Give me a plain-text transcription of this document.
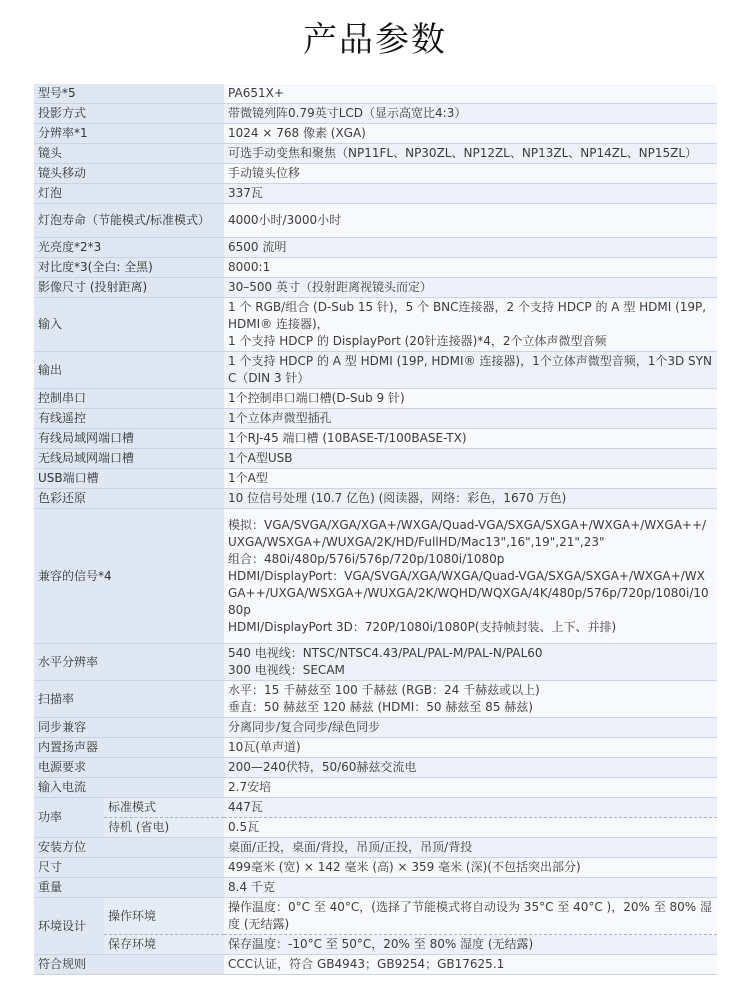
产品参数
型号*5		PA651X+

投影方式		带微镜列阵0.79英寸LCD（显示高宽比4:3）

分辨率*1		1024 × 768 像素 (XGA)

镜头		可选手动变焦和聚焦（NP11FL、NP30ZL、NP12ZL、NP13ZL、NP14ZL、NP15ZL）

镜头移动		手动镜头位移

灯泡		337瓦

灯泡寿命（节能模式/标准模式）		4000小时/3000小时

光亮度*2*3		6500 流明

对比度*3(全白: 全黑)		8000:1

影像尺寸 (投射距离)		30–500 英寸（投射距离视镜头而定）

输入		1 个 RGB/组合 (D-Sub 15 针)，5 个 BNC连接器，2 个支持 HDCP 的 A 型 HDMI (19P, HDMI® 连接器)，
1 个支持 HDCP 的 DisplayPort (20针连接器)*4，2个立体声微型音频

输出		1 个支持 HDCP 的 A 型 HDMI (19P, HDMI® 连接器)，1个立体声微型音频，1个3D SYNC（DIN 3 针）

控制串口		1个控制串口端口槽(D-Sub 9 针)

有线遥控		1个立体声微型插孔

有线局域网端口槽		1个RJ-45 端口槽 (10BASE-T/100BASE-TX)

无线局域网端口槽		1个A型USB

USB端口槽		1个A型

色彩还原		10 位信号处理 (10.7 亿色) (阅读器，网络：彩色，1670 万色)

兼容的信号*4		模拟：VGA/SVGA/XGA/XGA+/WXGA/Quad-VGA/SXGA/SXGA+/WXGA+/WXGA++/UXGA/WSXGA+/WUXGA/2K/HD/FullHD/Mac13",16",19",21",23"
组合：480i/480p/576i/576p/720p/1080i/1080p
HDMI/DisplayPort：VGA/SVGA/XGA/WXGA/Quad-VGA/SXGA/SXGA+/WXGA+/WXGA++/UXGA/WSXGA+/WUXGA/2K/WQHD/WQXGA/4K/480p/576p/720p/1080i/1080p
HDMI/DisplayPort 3D：720P/1080i/1080P(支持帧封装、上下、并排)

水平分辨率		540 电视线：NTSC/NTSC4.43/PAL/PAL-M/PAL-N/PAL60
300 电视线：SECAM

扫描率		水平：15 千赫兹至 100 千赫兹 (RGB：24 千赫兹或以上)
垂直：50 赫兹至 120 赫兹 (HDMI：50 赫兹至 85 赫兹)

同步兼容		分离同步/复合同步/绿色同步

内置扬声器		10瓦(单声道)

电源要求		200—240伏特，50/60赫兹交流电

输入电流		2.7安培

功率	标准模式	447瓦
	待机 (省电)	0.5瓦
安装方位		桌面/正投，桌面/背投，吊顶/正投，吊顶/背投
尺寸		499毫米 (宽) × 142 毫米 (高) × 359 毫米 (深)(不包括突出部分)
重量		8.4 千克
环境设计	操作环境	操作温度：0°C 至 40°C，(选择了节能模式将自动设为 35°C 至 40°C )，20% 至 80% 湿度 (无结露)
	保存环境	保存温度：-10°C 至 50°C，20% 至 80% 湿度 (无结露)
符合规则		CCC认证，符合 GB4943；GB9254；GB17625.1
